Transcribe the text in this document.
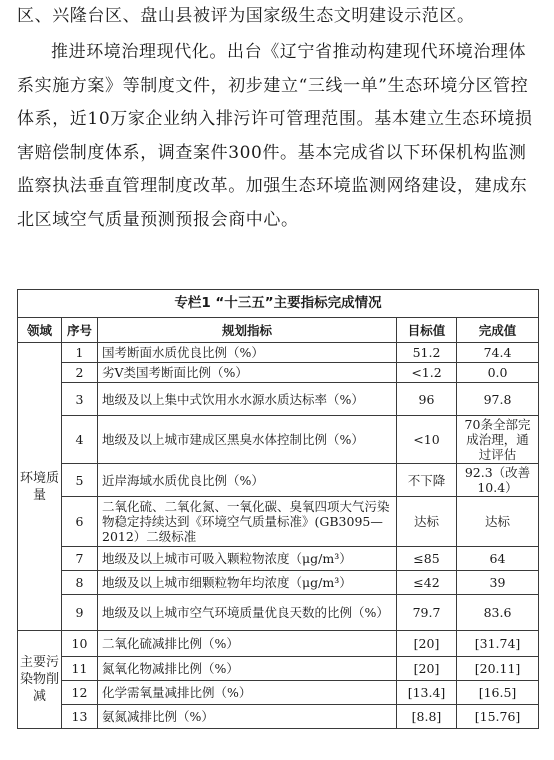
区、兴隆台区、盘山县被评为国家级生态文明建设示范区。

推进环境治理现代化。出台《辽宁省推动构建现代环境治理体系实施方案》等制度文件，初步建立“三线一单”生态环境分区管控体系，近10万家企业纳入排污许可管理范围。基本建立生态环境损害赔偿制度体系，调查案件300件。基本完成省以下环保机构监测监察执法垂直管理制度改革。加强生态环境监测网络建设，建成东北区域空气质量预测预报会商中心。

专栏1 “十三五”主要指标完成情况				
领域	序号	规划指标	目标值	完成值
环境质量	1	国考断面水质优良比例（%）	51.2	74.4
	2	劣Ⅴ类国考断面比例（%）	<1.2	0.0
	3	地级及以上集中式饮用水水源水质达标率（%）	96	97.8
	4	地级及以上城市建成区黑臭水体控制比例（%）	<10	70条全部完成治理，通过评估
	5	近岸海域水质优良比例（%）	不下降	92.3（改善10.4）
	6	二氧化硫、二氧化氮、一氧化碳、臭氧四项大气污染物稳定持续达到《环境空气质量标准》(GB3095—2012）二级标准	达标	达标
	7	地级及以上城市可吸入颗粒物浓度（μg/m³）	≤85	64
	8	地级及以上城市细颗粒物年均浓度（μg/m³）	≤42	39
	9	地级及以上城市空气环境质量优良天数的比例（%）	79.7	83.6
主要污染物削减	10	二氧化硫减排比例（%）	[20]	[31.74]
	11	氮氧化物减排比例（%）	[20]	[20.11]
	12	化学需氧量减排比例（%）	[13.4]	[16.5]
	13	氨氮减排比例（%）	[8.8]	[15.76]
